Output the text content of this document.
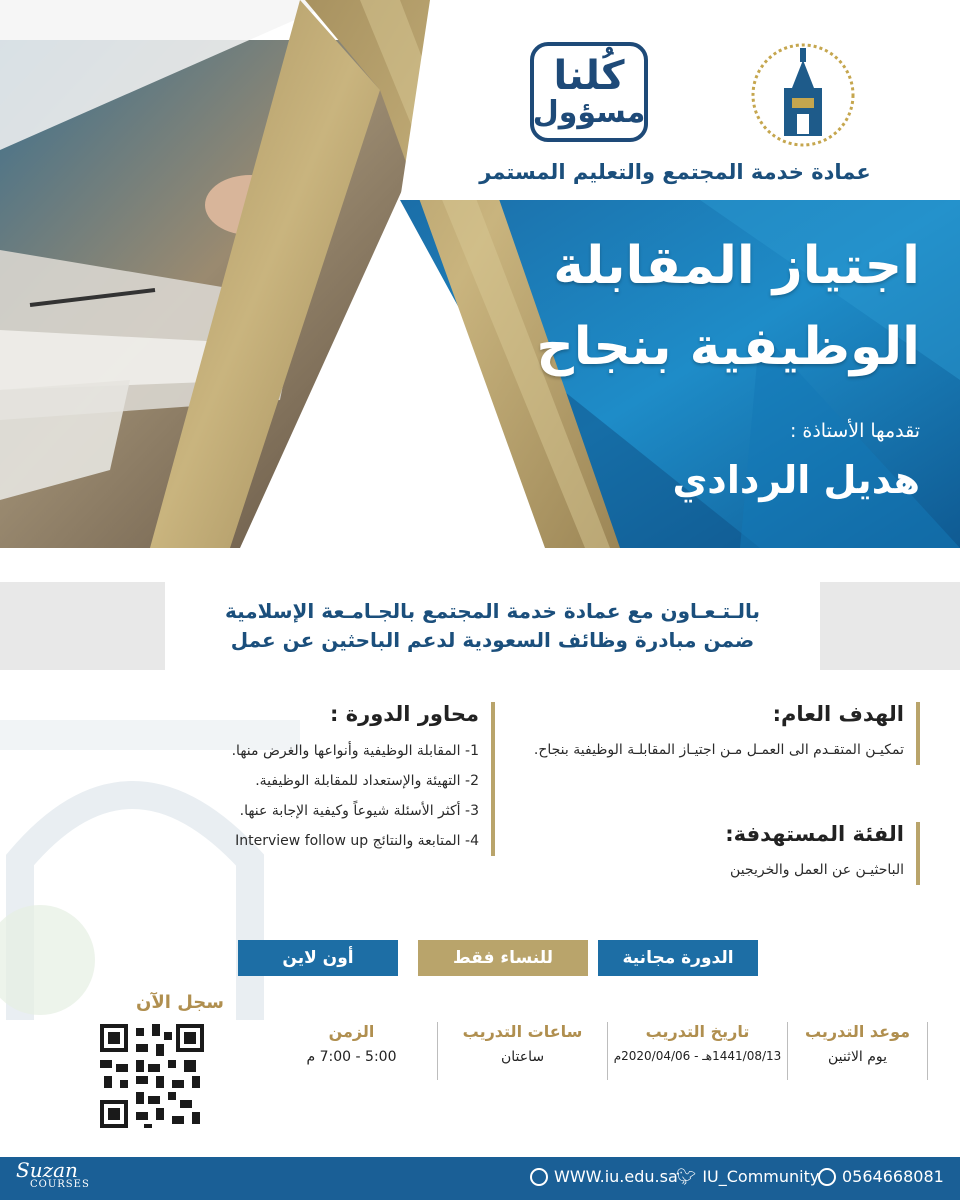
كُلنا
مسؤول
عمادة خدمة المجتمع والتعليم المستمر
اجتياز المقابلة
الوظيفية بنجاح
تقدمها الأستاذة :
هديل الردادي
بالـتـعـاون مع عمادة خدمة المجتمع بالجـامـعة الإسلامية
ضمن مبادرة وظائف السعودية لدعم الباحثين عن عمل
الهدف العام:

تمكيـن المتقـدم الى العمـل مـن اجتيـاز المقابلـة الوظيفية بنجاح.

الفئة المستهدفة:

الباحثيـن عن العمل والخريجين

محاور الدورة :
1- المقابلة الوظيفية وأنواعها والغرض منها.
2- التهيئة والإستعداد للمقابلة الوظيفية.
3- أكثر الأسئلة شيوعاً وكيفية الإجابة عنها.
4- المتابعة والنتائج Interview follow up
الدورة مجانية
للنساء فقط
أون لاين
سجل الآن
موعد التدريب
يوم الاثنين
تاريخ التدريب
1441/08/13هـ - 2020/04/06م
ساعات التدريب
ساعتان
الزمن
5:00 - 7:00 م
0564668081
🐦︎ IU_Community
WWW.iu.edu.sa
Suzan
COURSES
